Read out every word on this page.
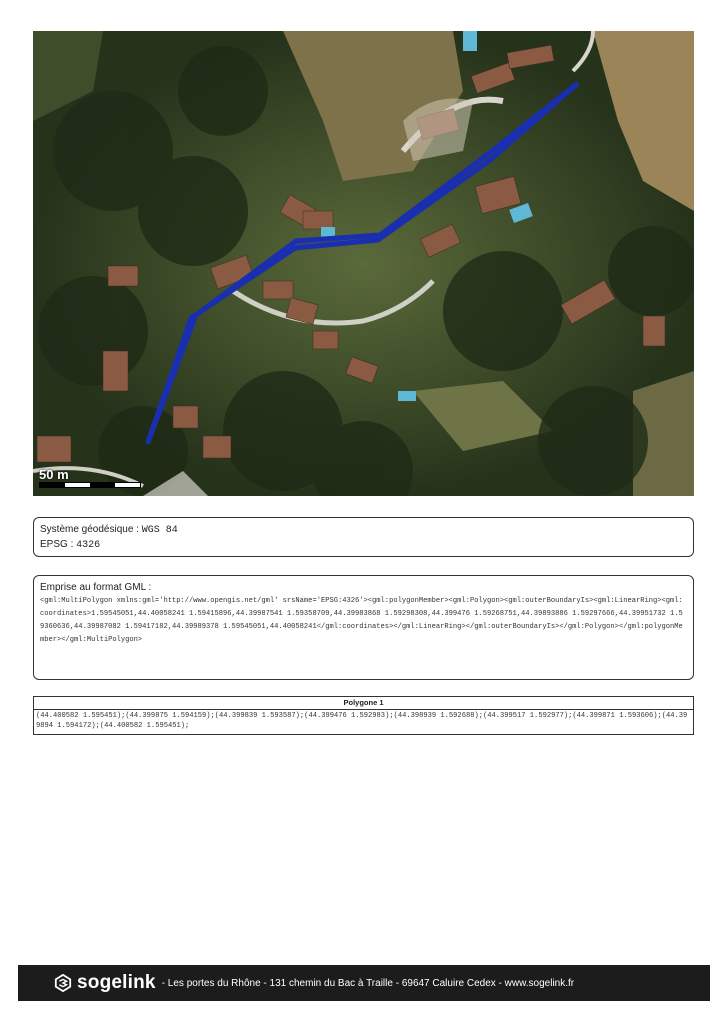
50 m
Système géodésique : WGS 84
EPSG : 4326
Emprise au format GML :
<gml:MultiPolygon xmlns:gml='http://www.opengis.net/gml' srsName='EPSG:4326'><gml:polygonMember><gml:Polygon><gml:outerBoundaryIs><gml:LinearRing><gml:coordinates>1.59545051,44.40058241 1.59415896,44.39987541 1.59358709,44.39983868 1.59298308,44.399476 1.59268751,44.39893886 1.59297666,44.39951732 1.59360636,44.39987082 1.59417182,44.39989378 1.59545051,44.40058241</gml:coordinates></gml:LinearRing></gml:outerBoundaryIs></gml:Polygon></gml:polygonMember></gml:MultiPolygon>
Polygone 1
(44.400582 1.595451);(44.399875 1.594159);(44.399839 1.593587);(44.399476 1.592983);(44.398939 1.592688);(44.399517 1.592977);(44.399871 1.593606);(44.399894 1.594172);(44.400582 1.595451);
sogelink - Les portes du Rhône - 131 chemin du Bac à Traille - 69647 Caluire Cedex - www.sogelink.fr
